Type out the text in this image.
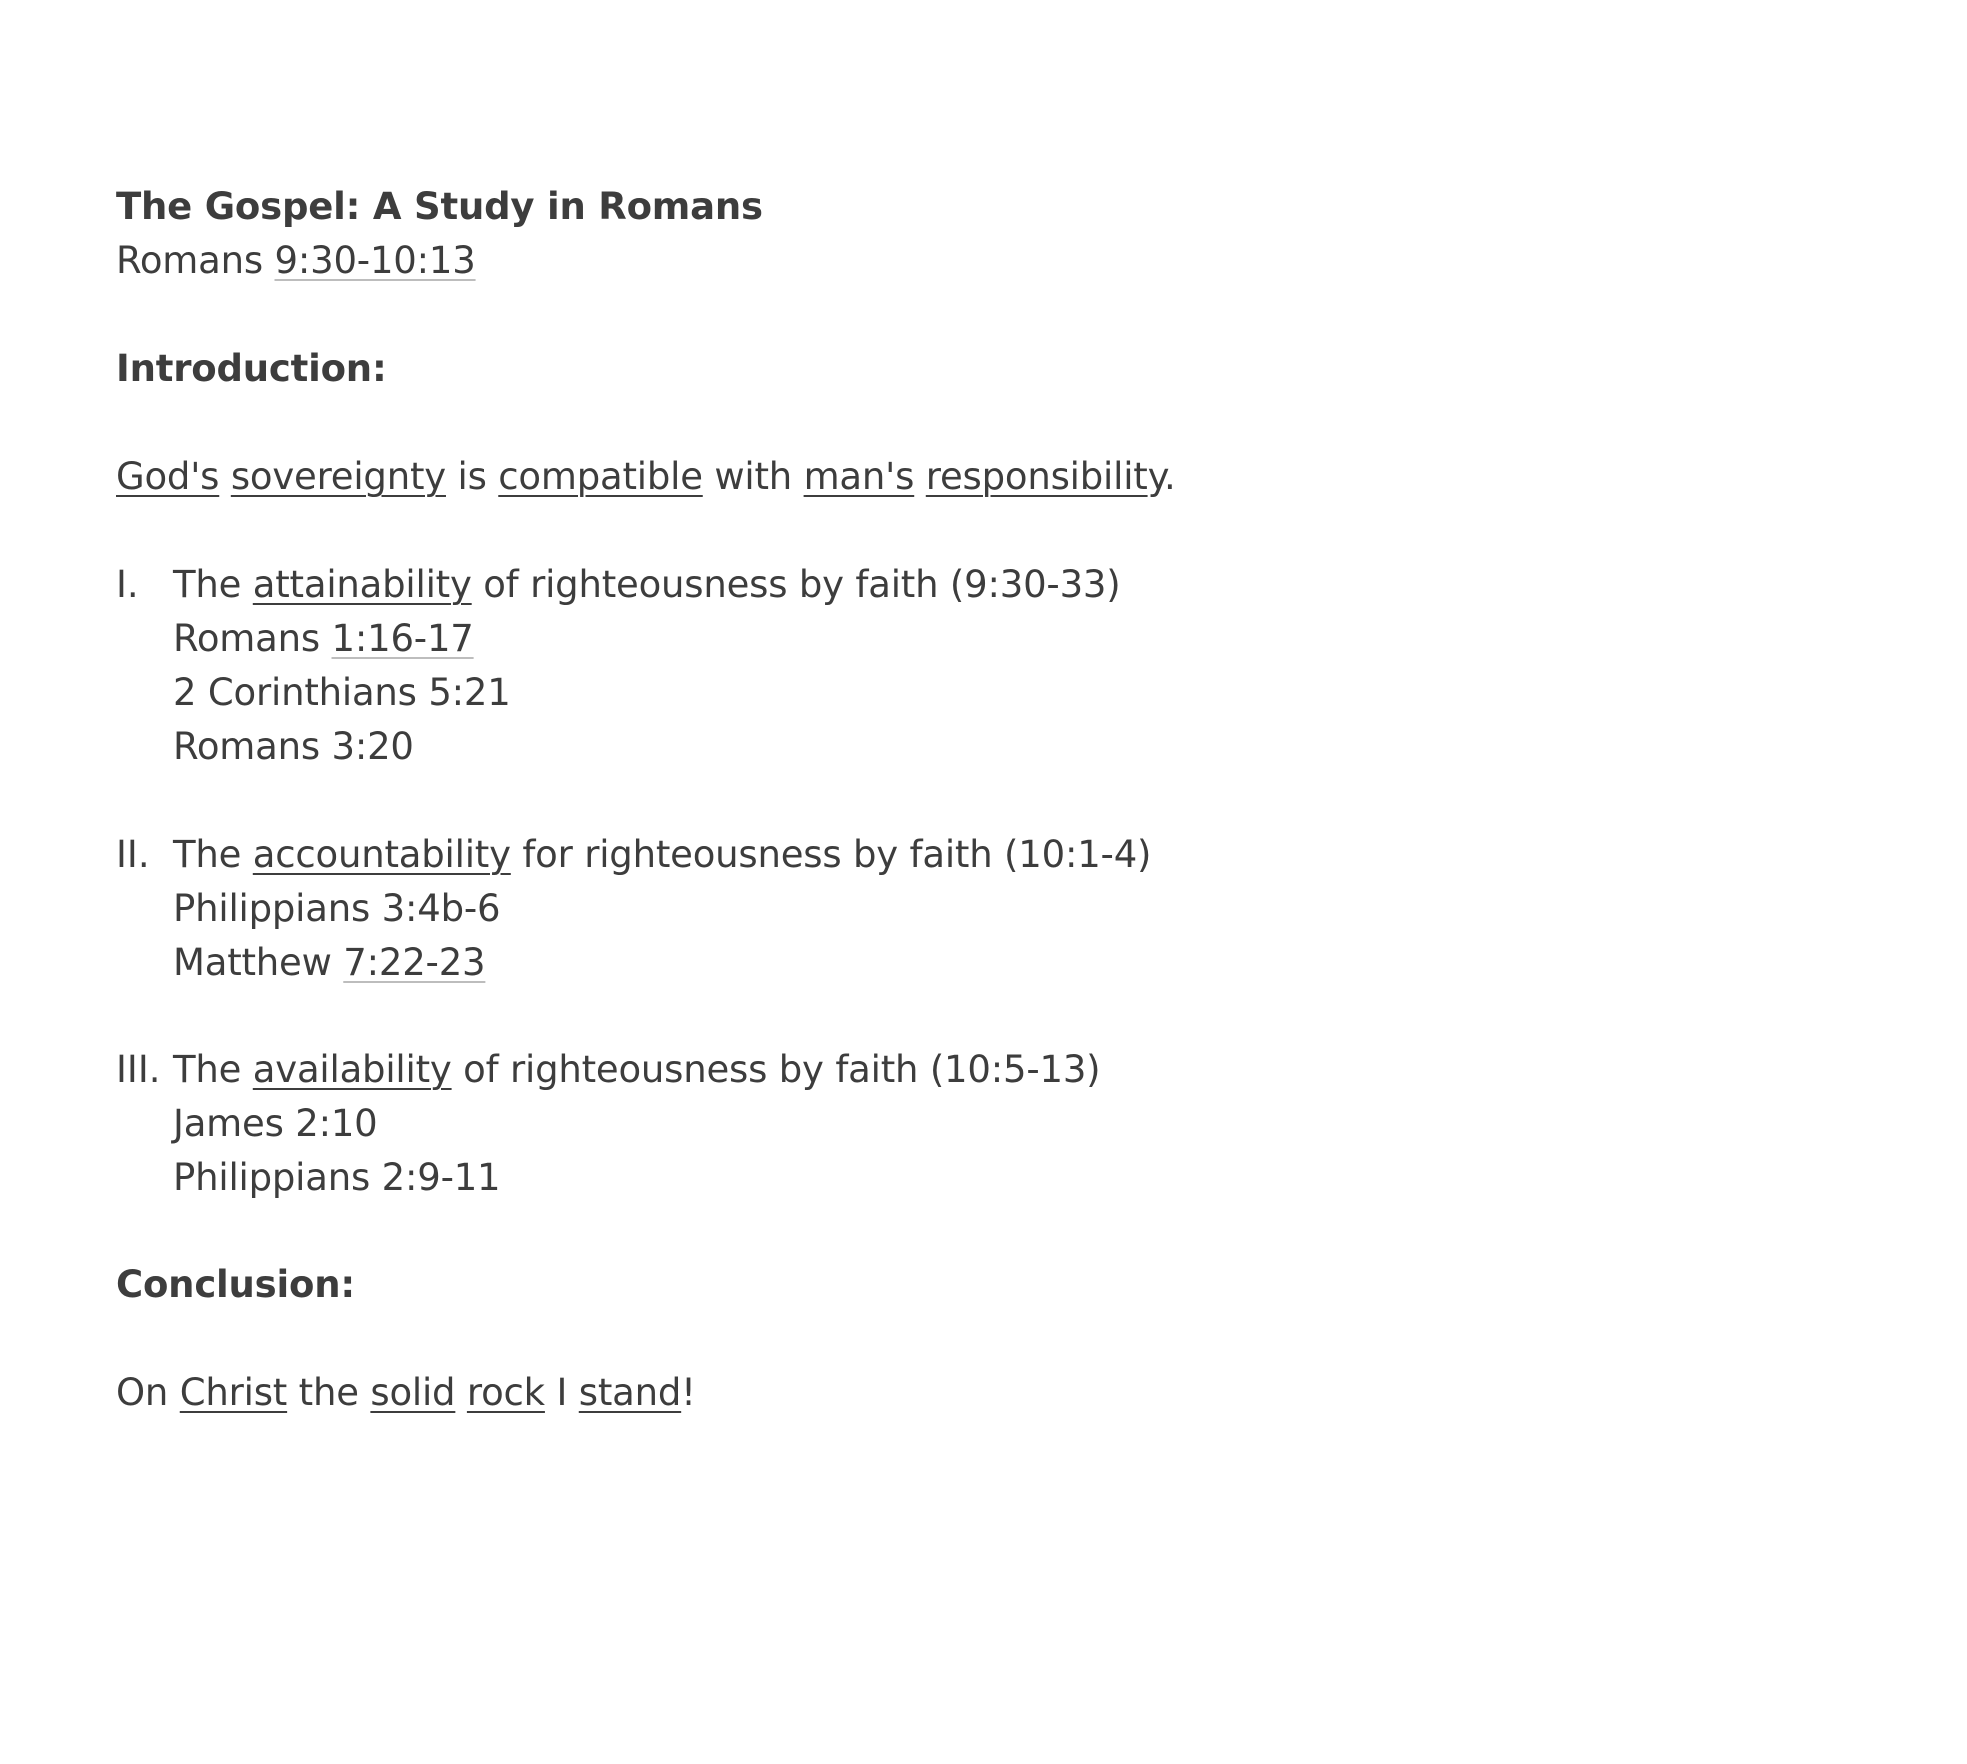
The Gospel: A Study in Romans
Romans 9:30-10:13
Introduction:
God's sovereignty is compatible with man's responsibility.
I. The attainability of righteousness by faith (9:30-33)
Romans 1:16-17
2 Corinthians 5:21
Romans 3:20
II. The accountability for righteousness by faith (10:1-4)
Philippians 3:4b-6
Matthew 7:22-23
III. The availability of righteousness by faith (10:5-13)
James 2:10
Philippians 2:9-11
Conclusion:
On Christ the solid rock I stand!
